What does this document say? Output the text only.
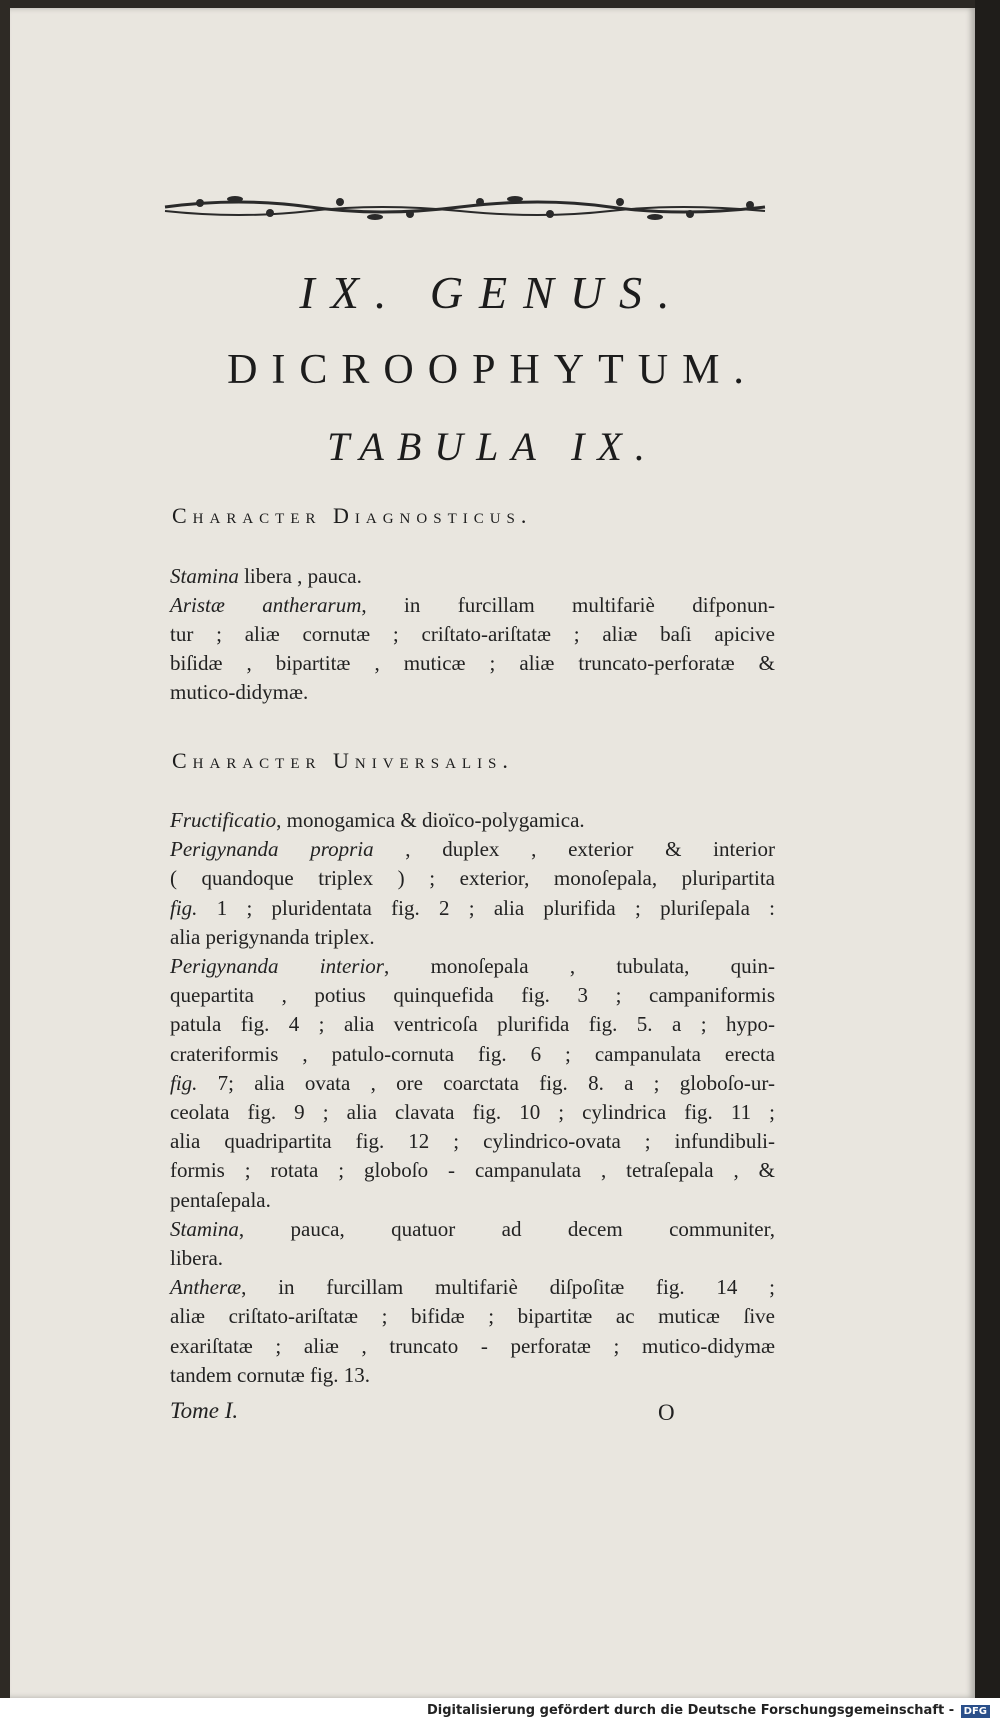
IX. GENUS.
DICROOPHYTUM.
TABULA IX.
Character Diagnosticus.
Stamina libera , pauca.
Aristæ antherarum, in furcillam multifariè difponun-
tur ; aliæ cornutæ ; criſtato-ariſtatæ ; aliæ baſi apicive
biſidæ , bipartitæ , muticæ ; aliæ truncato-perforatæ &
mutico-didymæ.
Character Universalis.
Fructificatio, monogamica & dioïco-polygamica.
Perigynanda propria , duplex , exterior & interior
( quandoque triplex ) ; exterior, monoſepala, pluripartita
fig. 1 ; pluridentata fig. 2 ; alia plurifida ; pluriſepala :
alia perigynanda triplex.
Perigynanda interior, monoſepala , tubulata, quin-
quepartita , potius quinquefida fig. 3 ; campaniformis
patula fig. 4 ; alia ventricoſa plurifida fig. 5. a ; hypo-
crateriformis , patulo-cornuta fig. 6 ; campanulata erecta
fig. 7; alia ovata , ore coarctata fig. 8. a ; globoſo-ur-
ceolata fig. 9 ; alia clavata fig. 10 ; cylindrica fig. 11 ;
alia quadripartita fig. 12 ; cylindrico-ovata ; infundibuli-
formis ; rotata ; globoſo - campanulata , tetraſepala , &
pentaſepala.
Stamina, pauca, quatuor ad decem communiter,
libera.
Antheræ, in furcillam multifariè diſpoſitæ fig. 14 ;
aliæ criſtato-ariſtatæ ; bifidæ ; bipartitæ ac muticæ ſive
exariſtatæ ; aliæ , truncato - perforatæ ; mutico-didymæ
tandem cornutæ fig. 13.
Tome I.	O
Digitalisierung gefördert durch die Deutsche Forschungsgemeinschaft - DFG
